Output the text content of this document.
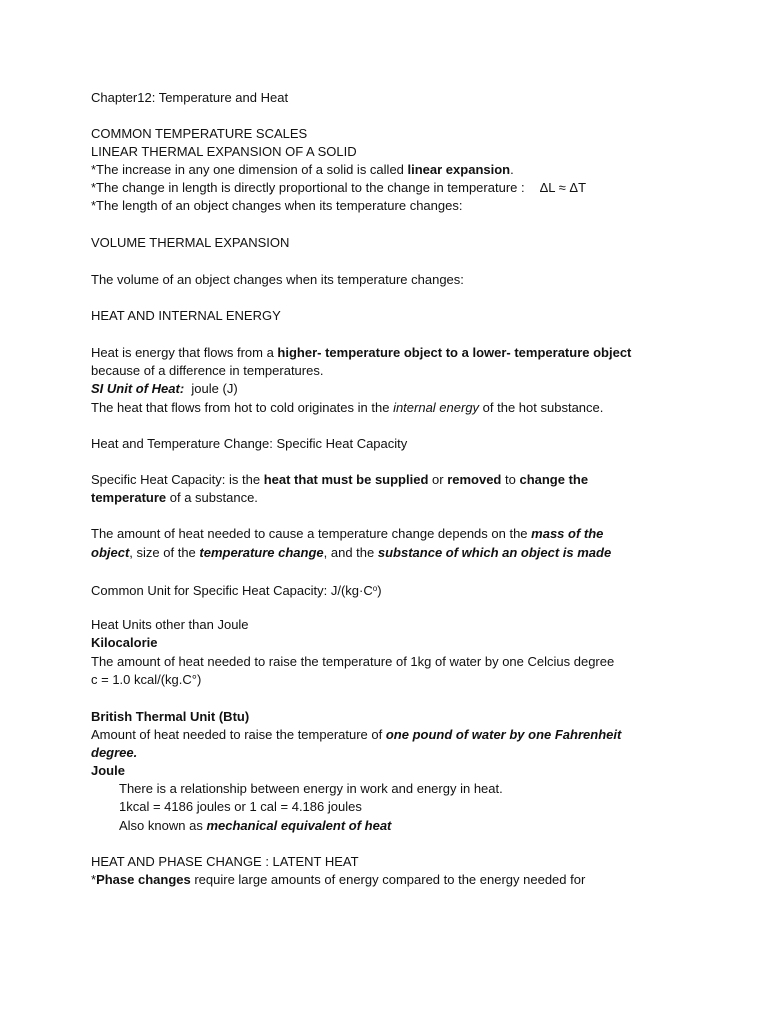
Chapter12: Temperature and Heat
COMMON TEMPERATURE SCALES
LINEAR THERMAL EXPANSION OF A SOLID
*The increase in any one dimension of a solid is called linear expansion.
*The change in length is directly proportional to the change in temperature : ΔL ≈ ΔT
*The length of an object changes when its temperature changes:
VOLUME THERMAL EXPANSION
The volume of an object changes when its temperature changes:
HEAT AND INTERNAL ENERGY
Heat is energy that flows from a higher- temperature object to a lower- temperature object
because of a difference in temperatures.
SI Unit of Heat: joule (J)
The heat that flows from hot to cold originates in the internal energy of the hot substance.
Heat and Temperature Change: Specific Heat Capacity
Specific Heat Capacity: is the heat that must be supplied or removed to change the
temperature of a substance.
The amount of heat needed to cause a temperature change depends on the mass of the
object, size of the temperature change, and the substance of which an object is made
Common Unit for Specific Heat Capacity: $J/(kg\cdot C^o)$
Heat Units other than Joule
Kilocalorie
The amount of heat needed to raise the temperature of 1kg of water by one Celcius degree
c = 1.0 kcal/(kg.C°)
British Thermal Unit (Btu)
Amount of heat needed to raise the temperature of one pound of water by one Fahrenheit
degree.
Joule
There is a relationship between energy in work and energy in heat.
1kcal = 4186 joules or 1 cal = 4.186 joules
Also known as mechanical equivalent of heat
HEAT AND PHASE CHANGE : LATENT HEAT
*Phase changes require large amounts of energy compared to the energy needed for
